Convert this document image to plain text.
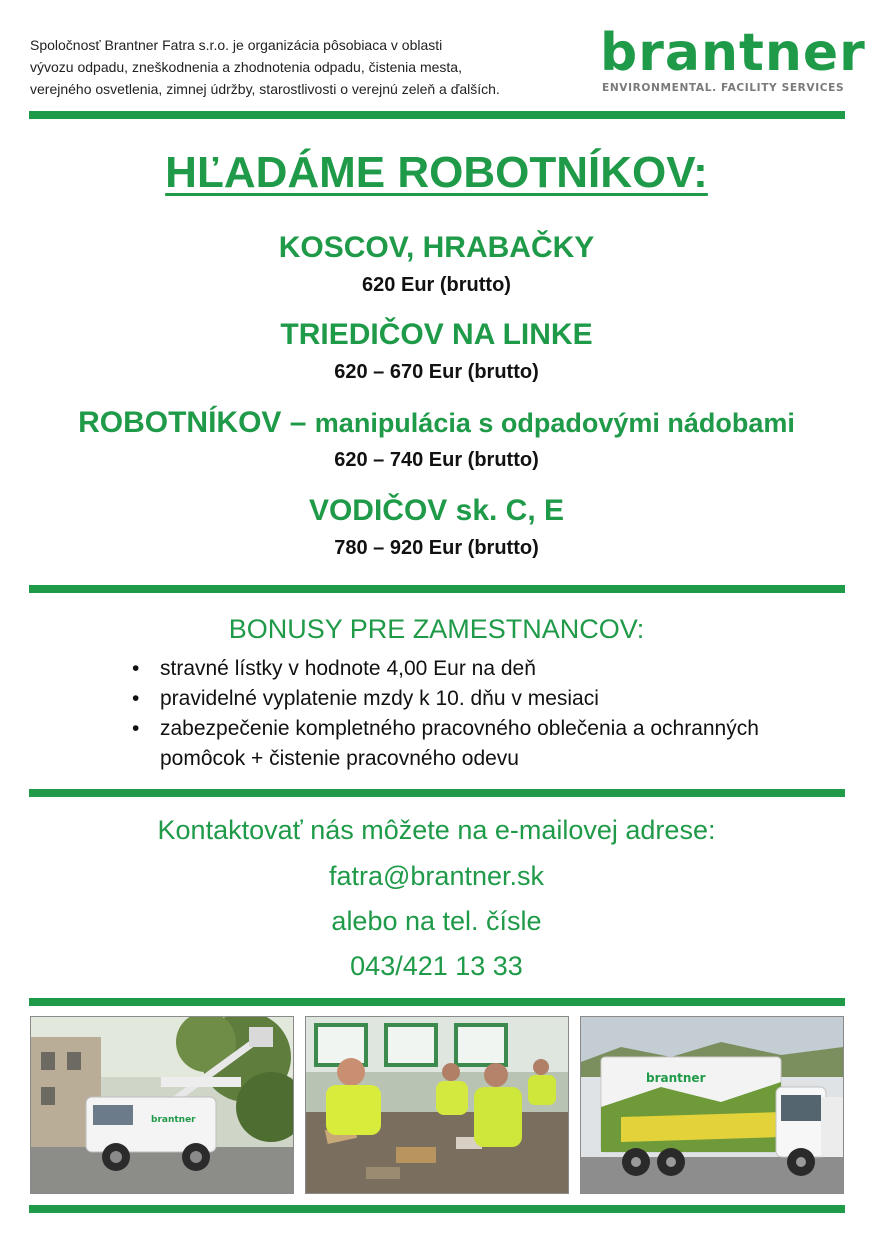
Spoločnosť Brantner Fatra s.r.o. je organizácia pôsobiaca v oblasti
vývozu odpadu, zneškodnenia a zhodnotenia odpadu, čistenia mesta,
verejného osvetlenia, zimnej údržby, starostlivosti o verejnú zeleň a ďalších.
brantner
ENVIRONMENTAL. FACILITY SERVICES
HĽADÁME ROBOTNÍKOV:
KOSCOV, HRABAČKY
620 Eur (brutto)
TRIEDIČOV NA LINKE
620 – 670 Eur (brutto)
ROBOTNÍKOV – manipulácia s odpadovými nádobami
620 – 740 Eur (brutto)
VODIČOV sk. C, E
780 – 920 Eur (brutto)
BONUSY PRE ZAMESTNANCOV:
• stravné lístky v hodnote 4,00 Eur na deň
• pravidelné vyplatenie mzdy k 10. dňu v mesiaci
• zabezpečenie kompletného pracovného oblečenia a ochranných pomôcok + čistenie pracovného odevu
Kontaktovať nás môžete na e-mailovej adrese:
fatra@brantner.sk
alebo na tel. čísle
043/421 13 33
brantner
brantner
